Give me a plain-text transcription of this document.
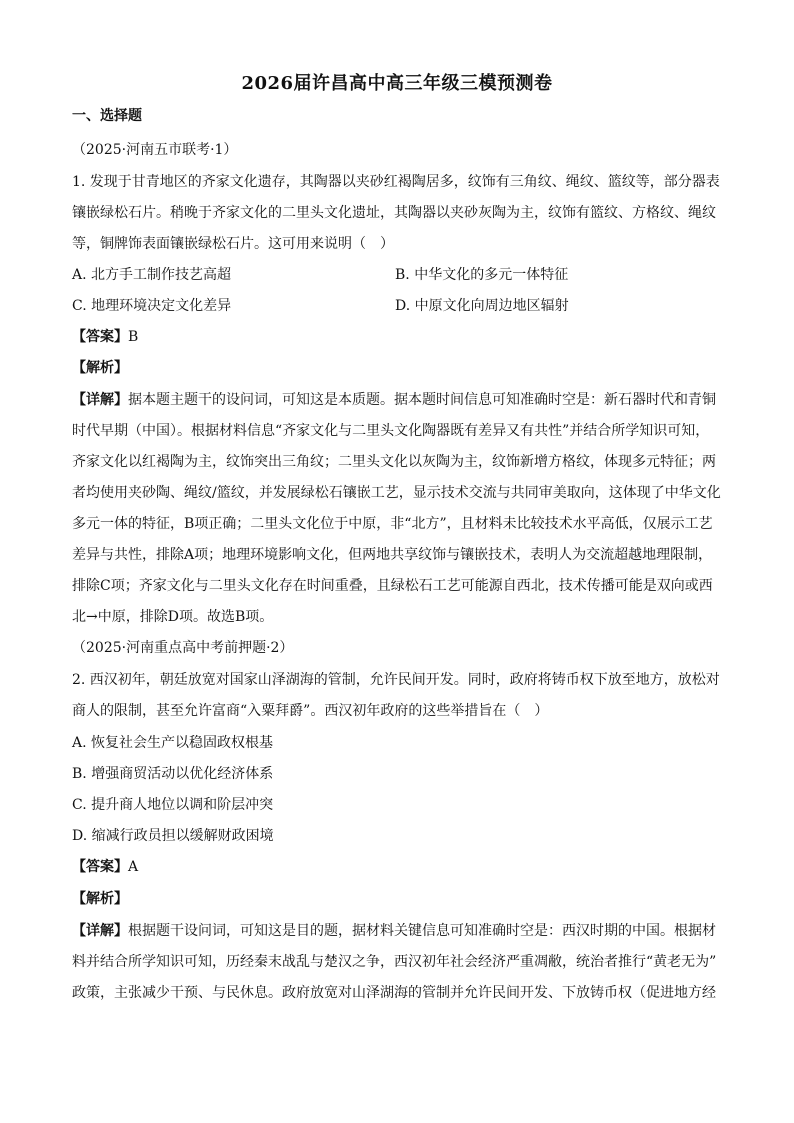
2026届许昌高中高三年级三模预测卷
一、选择题
（2025·河南五市联考·1）
1. 发现于甘青地区的齐家文化遗存，其陶器以夹砂红褐陶居多，纹饰有三角纹、绳纹、篮纹等，部分器表
镶嵌绿松石片。稍晚于齐家文化的二里头文化遗址，其陶器以夹砂灰陶为主，纹饰有篮纹、方格纹、绳纹
等，铜牌饰表面镶嵌绿松石片。这可用来说明（　）
A. 北方手工制作技艺高超	B. 中华文化的多元一体特征
C. 地理环境决定文化差异	D. 中原文化向周边地区辐射
【答案】B
【解析】
【详解】据本题主题干的设问词，可知这是本质题。据本题时间信息可知准确时空是：新石器时代和青铜
时代早期（中国）。根据材料信息“齐家文化与二里头文化陶器既有差异又有共性”并结合所学知识可知，
齐家文化以红褐陶为主，纹饰突出三角纹；二里头文化以灰陶为主，纹饰新增方格纹，体现多元特征；两
者均使用夹砂陶、绳纹/篮纹，并发展绿松石镶嵌工艺，显示技术交流与共同审美取向，这体现了中华文化
多元一体的特征，B项正确；二里头文化位于中原，非“北方”，且材料未比较技术水平高低，仅展示工艺
差异与共性，排除A项；地理环境影响文化，但两地共享纹饰与镶嵌技术，表明人为交流超越地理限制，
排除C项；齐家文化与二里头文化存在时间重叠，且绿松石工艺可能源自西北，技术传播可能是双向或西
北→中原，排除D项。故选B项。
（2025·河南重点高中考前押题·2）
2. 西汉初年，朝廷放宽对国家山泽湖海的管制，允许民间开发。同时，政府将铸币权下放至地方，放松对
商人的限制，甚至允许富商“入粟拜爵”。西汉初年政府的这些举措旨在（　）
A. 恢复社会生产以稳固政权根基
B. 增强商贸活动以优化经济体系
C. 提升商人地位以调和阶层冲突
D. 缩减行政员担以缓解财政困境
【答案】A
【解析】
【详解】根据题干设问词，可知这是目的题，据材料关键信息可知准确时空是：西汉时期的中国。根据材
料并结合所学知识可知，历经秦末战乱与楚汉之争，西汉初年社会经济严重凋敝，统治者推行“黄老无为”
政策，主张减少干预、与民休息。政府放宽对山泽湖海的管制并允许民间开发、下放铸币权（促进地方经
